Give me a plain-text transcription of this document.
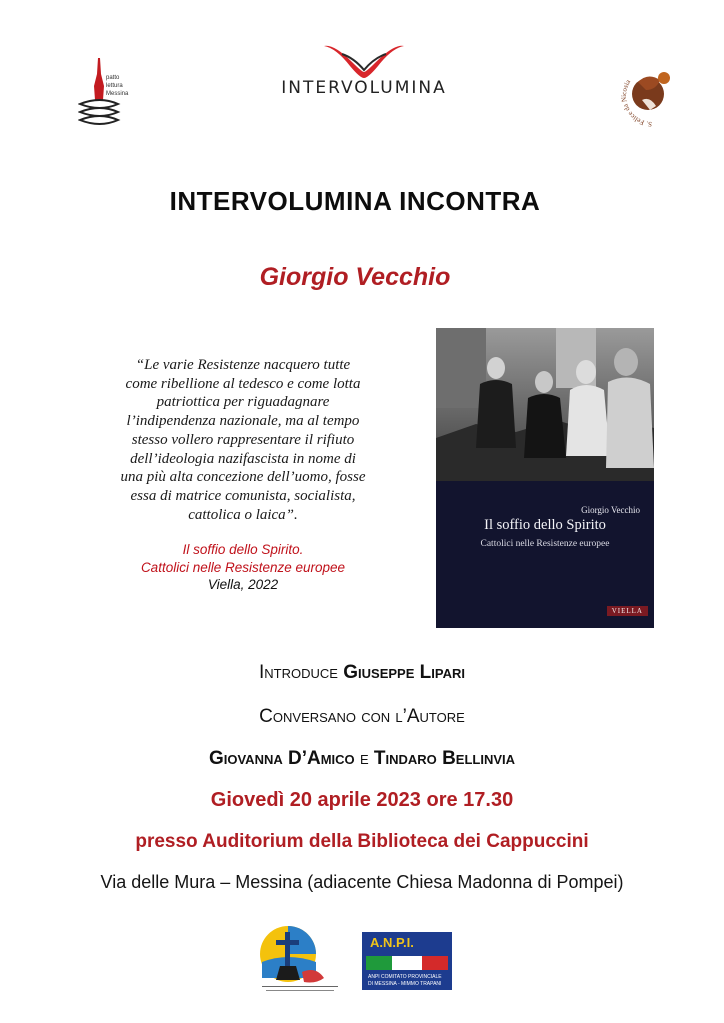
patto
lettura
Messina	INTERVOLUMINA
S. Felice da Nicosia
INTERVOLUMINA INCONTRA
Giorgio Vecchio
“Le varie Resistenze nacquero tutte
come ribellione al tedesco e come lotta
patriottica per riguadagnare
l’indipendenza nazionale, ma al tempo
stesso vollero rappresentare il rifiuto
dell’ideologia nazifascista in nome di
una più alta concezione dell’uomo, fosse
essa di matrice comunista, socialista,
cattolica o laica”.
Il soffio dello Spirito.
Cattolici nelle Resistenze europee
Viella, 2022
Giorgio Vecchio
Il soffio dello Spirito
Cattolici nelle Resistenze europee
VIELLA
Introduce Giuseppe Lipari
Conversano con l’Autore
Giovanna D’Amico e Tindaro Bellinvia
Giovedì 20 aprile 2023 ore 17.30
presso Auditorium della Biblioteca dei Cappuccini
Via delle Mura – Messina (adiacente Chiesa Madonna di Pompei)
A.N.P.I.
ANPI COMITATO PROVINCIALE
DI MESSINA - MIMMO TRAPANI
